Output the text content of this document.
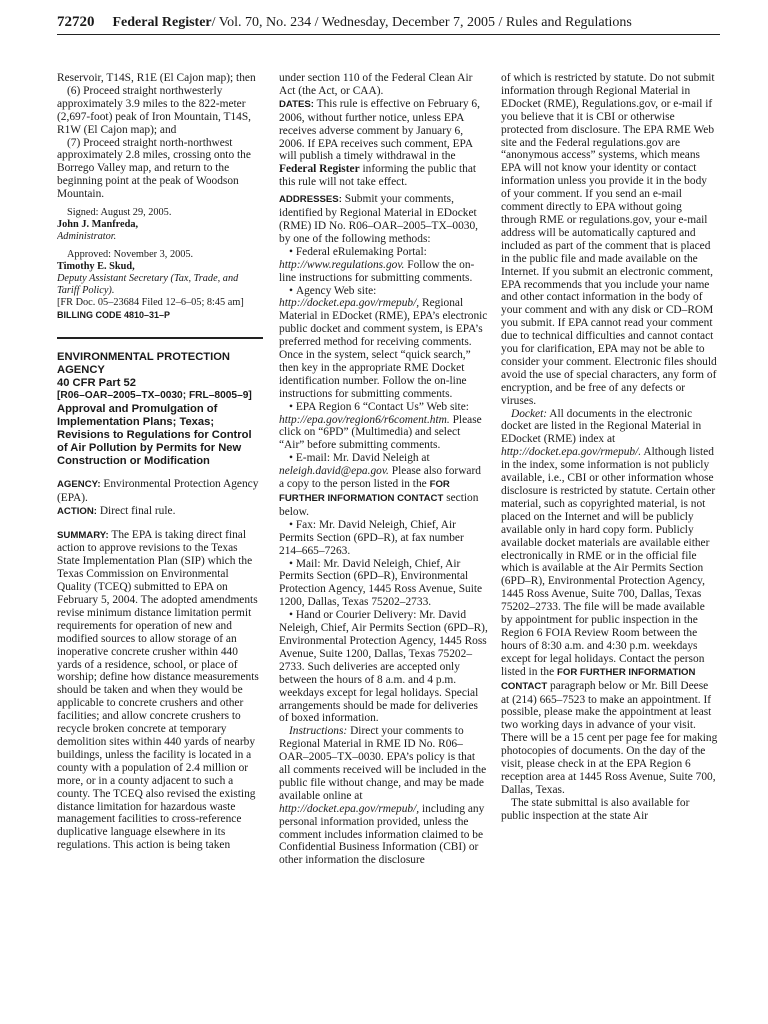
72720 Federal Register/ Vol. 70, No. 234 / Wednesday, December 7, 2005 / Rules and Regulations

Reservoir, T14S, R1E (El Cajon map); then

(6) Proceed straight northwesterly approximately 3.9 miles to the 822-meter (2,697-foot) peak of Iron Mountain, T14S, R1W (El Cajon map); and

(7) Proceed straight north-northwest approximately 2.8 miles, crossing onto the Borrego Valley map, and return to the beginning point at the peak of Woodson Mountain.

Signed: August 29, 2005.

John J. Manfreda,

Administrator.

Approved: November 3, 2005.

Timothy E. Skud,

Deputy Assistant Secretary (Tax, Trade, and Tariff Policy).

[FR Doc. 05–23684 Filed 12–6–05; 8:45 am]

BILLING CODE 4810–31–P

ENVIRONMENTAL PROTECTION AGENCY

40 CFR Part 52

[R06–OAR–2005–TX–0030; FRL–8005–9]

Approval and Promulgation of Implementation Plans; Texas; Revisions to Regulations for Control of Air Pollution by Permits for New Construction or Modification

AGENCY: Environmental Protection Agency (EPA).

ACTION: Direct final rule.

SUMMARY: The EPA is taking direct final action to approve revisions to the Texas State Implementation Plan (SIP) which the Texas Commission on Environmental Quality (TCEQ) submitted to EPA on February 5, 2004. The adopted amendments revise minimum distance limitation permit requirements for operation of new and modified sources to allow storage of an inoperative concrete crusher within 440 yards of a residence, school, or place of worship; define how distance measurements should be taken and when they would be applicable to concrete crushers and other facilities; and allow concrete crushers to recycle broken concrete at temporary demolition sites within 440 yards of nearby buildings, unless the facility is located in a county with a population of 2.4 million or more, or in a county adjacent to such a county. The TCEQ also revised the existing distance limitation for hazardous waste management facilities to cross-reference duplicative language elsewhere in its regulations. This action is being taken

under section 110 of the Federal Clean Air Act (the Act, or CAA).

DATES: This rule is effective on February 6, 2006, without further notice, unless EPA receives adverse comment by January 6, 2006. If EPA receives such comment, EPA will publish a timely withdrawal in the Federal Register informing the public that this rule will not take effect.

ADDRESSES: Submit your comments, identified by Regional Material in EDocket (RME) ID No. R06–OAR–2005–TX–0030, by one of the following methods:

• Federal eRulemaking Portal: http://www.regulations.gov. Follow the on-line instructions for submitting comments.

• Agency Web site: http://docket.epa.gov/rmepub/, Regional Material in EDocket (RME), EPA’s electronic public docket and comment system, is EPA’s preferred method for receiving comments. Once in the system, select “quick search,” then key in the appropriate RME Docket identification number. Follow the on-line instructions for submitting comments.

• EPA Region 6 “Contact Us” Web site: http://epa.gov/region6/r6coment.htm. Please click on “6PD” (Multimedia) and select “Air” before submitting comments.

• E-mail: Mr. David Neleigh at neleigh.david@epa.gov. Please also forward a copy to the person listed in the FOR FURTHER INFORMATION CONTACT section below.

• Fax: Mr. David Neleigh, Chief, Air Permits Section (6PD–R), at fax number 214–665–7263.

• Mail: Mr. David Neleigh, Chief, Air Permits Section (6PD–R), Environmental Protection Agency, 1445 Ross Avenue, Suite 1200, Dallas, Texas 75202–2733.

• Hand or Courier Delivery: Mr. David Neleigh, Chief, Air Permits Section (6PD–R), Environmental Protection Agency, 1445 Ross Avenue, Suite 1200, Dallas, Texas 75202–2733. Such deliveries are accepted only between the hours of 8 a.m. and 4 p.m. weekdays except for legal holidays. Special arrangements should be made for deliveries of boxed information.

Instructions: Direct your comments to Regional Material in RME ID No. R06–OAR–2005–TX–0030. EPA’s policy is that all comments received will be included in the public file without change, and may be made available online at http://docket.epa.gov/rmepub/, including any personal information provided, unless the comment includes information claimed to be Confidential Business Information (CBI) or other information the disclosure

of which is restricted by statute. Do not submit information through Regional Material in EDocket (RME), Regulations.gov, or e-mail if you believe that it is CBI or otherwise protected from disclosure. The EPA RME Web site and the Federal regulations.gov are “anonymous access” systems, which means EPA will not know your identity or contact information unless you provide it in the body of your comment. If you send an e-mail comment directly to EPA without going through RME or regulations.gov, your e-mail address will be automatically captured and included as part of the comment that is placed in the public file and made available on the Internet. If you submit an electronic comment, EPA recommends that you include your name and other contact information in the body of your comment and with any disk or CD–ROM you submit. If EPA cannot read your comment due to technical difficulties and cannot contact you for clarification, EPA may not be able to consider your comment. Electronic files should avoid the use of special characters, any form of encryption, and be free of any defects or viruses.

Docket: All documents in the electronic docket are listed in the Regional Material in EDocket (RME) index at http://docket.epa.gov/rmepub/. Although listed in the index, some information is not publicly available, i.e., CBI or other information whose disclosure is restricted by statute. Certain other material, such as copyrighted material, is not placed on the Internet and will be publicly available only in hard copy form. Publicly available docket materials are available either electronically in RME or in the official file which is available at the Air Permits Section (6PD–R), Environmental Protection Agency, 1445 Ross Avenue, Suite 700, Dallas, Texas 75202–2733. The file will be made available by appointment for public inspection in the Region 6 FOIA Review Room between the hours of 8:30 a.m. and 4:30 p.m. weekdays except for legal holidays. Contact the person listed in the FOR FURTHER INFORMATION CONTACT paragraph below or Mr. Bill Deese at (214) 665–7523 to make an appointment. If possible, please make the appointment at least two working days in advance of your visit. There will be a 15 cent per page fee for making photocopies of documents. On the day of the visit, please check in at the EPA Region 6 reception area at 1445 Ross Avenue, Suite 700, Dallas, Texas.

The state submittal is also available for public inspection at the state Air
